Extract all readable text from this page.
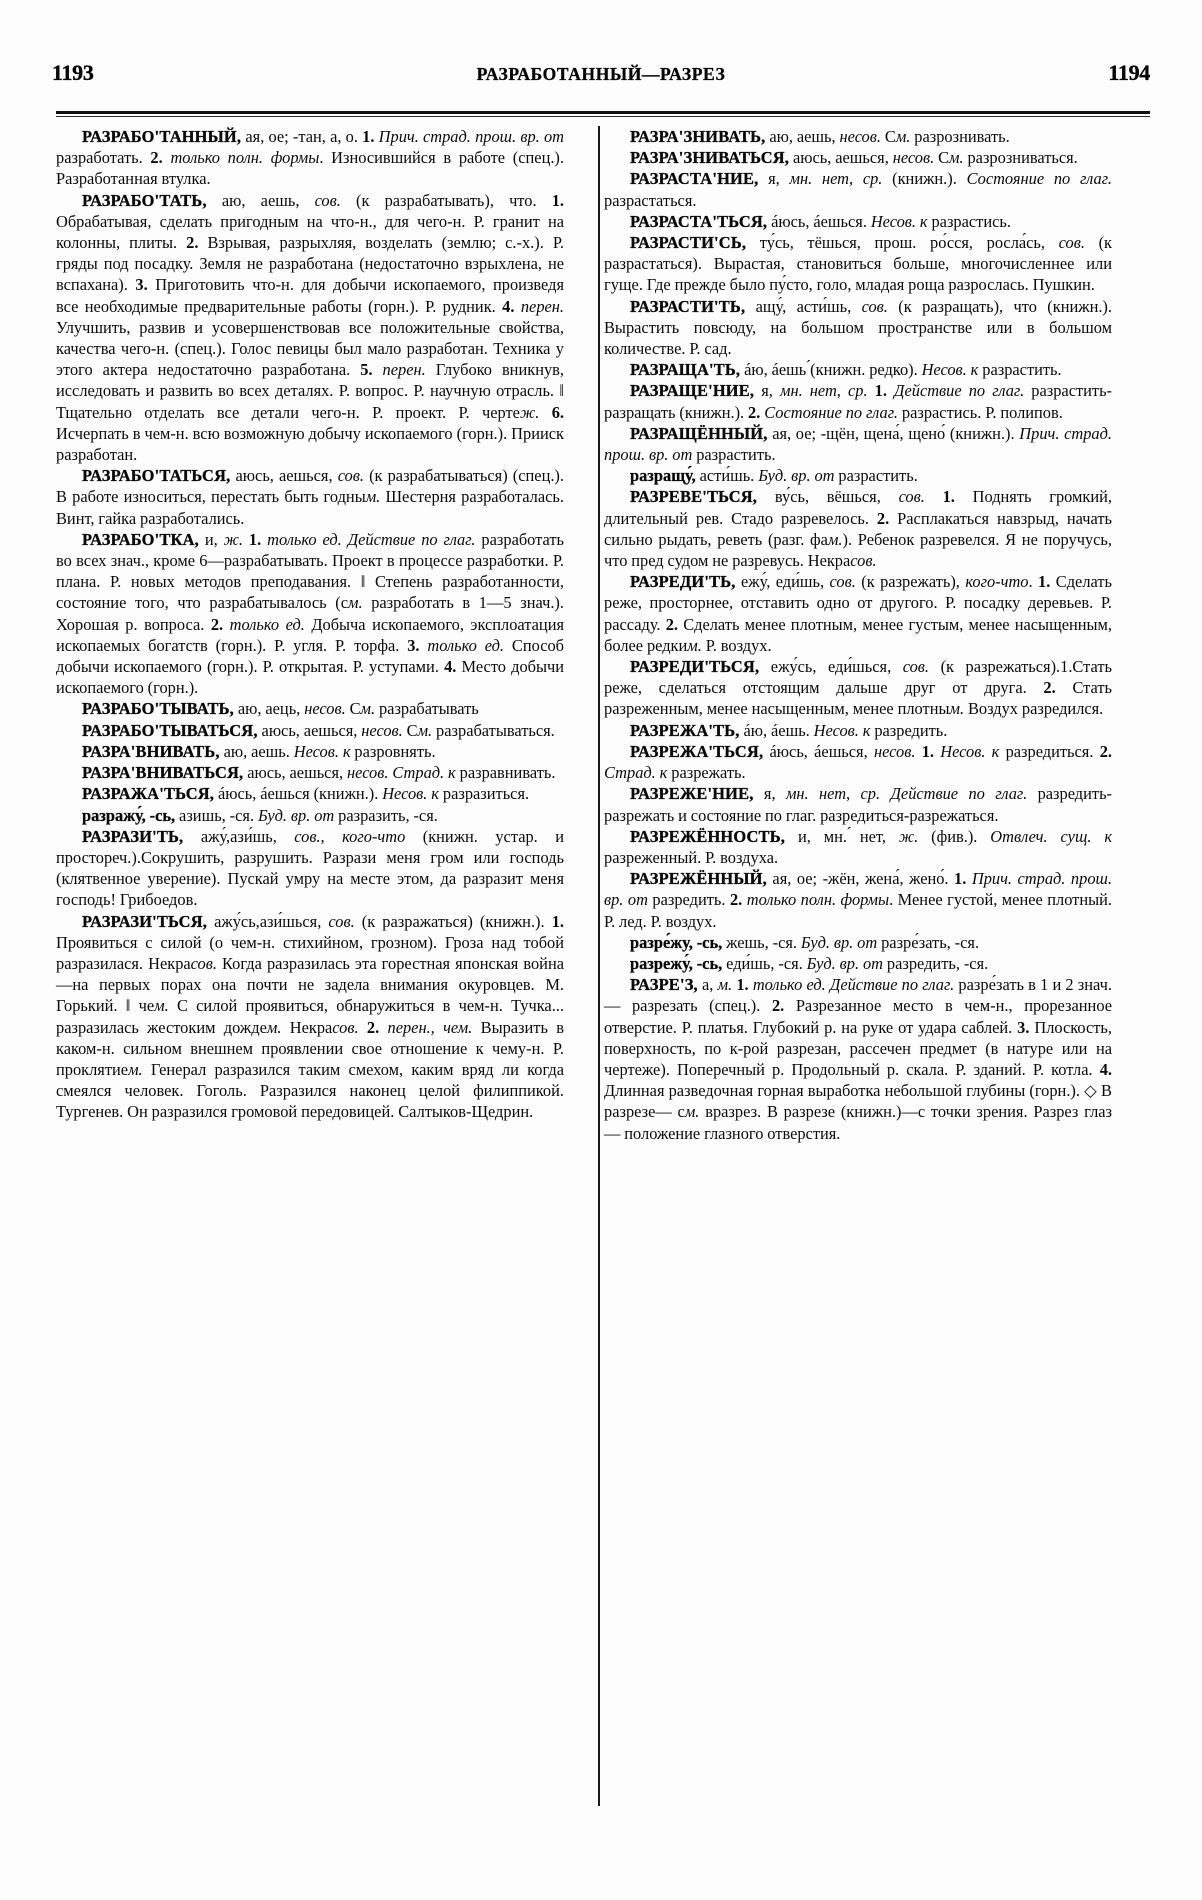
1193	РАЗРАБОТАННЫЙ—РАЗРЕЗ	1194

РАЗРАБО'ТАННЫЙ, ая, ое; -тан, а, о. 1. Прич. страд. прош. вр. от разработать. 2. только полн. формы. Износившийся в работе (спец.). Разработанная втулка.

РАЗРАБО'ТАТЬ, аю, аешь, сов. (к разрабатывать), что. 1. Обрабатывая, сделать пригодным на что-н., для чего-н. Р. гранит на колонны, плиты. 2. Взрывая, разрыхляя, возделать (землю; с.-х.). Р. гряды под посадку. Земля не разработана (недостаточно взрыхлена, не вспахана). 3. Приготовить что-н. для добычи ископаемого, произведя все необходимые предварительные работы (горн.). Р. рудник. 4. перен. Улучшить, развив и усовершенствовав все положительные свойства, качества чего-н. (спец.). Голос певицы был мало разработан. Техника у этого актера недостаточно разработана. 5. перен. Глубоко вникнув, исследовать и развить во всех деталях. Р. вопрос. Р. научную отрасль. ‖ Тщательно отделать все детали чего-н. Р. проект. Р. чертеж. 6. Исчерпать в чем-н. всю возможную добычу ископаемого (горн.). Прииск разработан.

РАЗРАБО'ТАТЬСЯ, аюсь, аешься, сов. (к разрабатываться) (спец.). В работе износиться, перестать быть годным. Шестерня разработалась. Винт, гайка разработались.

РАЗРАБО'ТКА, и, ж. 1. только ед. Действие по глаг. разработать во всех знач., кроме 6—разрабатывать. Проект в процессе разработки. Р. плана. Р. новых методов преподавания. ‖ Степень разработанности, состояние того, что разрабатывалось (см. разработать в 1—5 знач.). Хорошая р. вопроса. 2. только ед. Добыча ископаемого, эксплоатация ископаемых богатств (горн.). Р. угля. Р. торфа. 3. только ед. Способ добычи ископаемого (горн.). Р. открытая. Р. уступами. 4. Место добычи ископаемого (горн.).

РАЗРАБО'ТЫВАТЬ, аю, аець, несов. См. разрабатывать

РАЗРАБО'ТЫВАТЬСЯ, аюсь, аешься, несов. См. разрабатываться.

РАЗРА'ВНИВАТЬ, аю, аешь. Несов. к разровнять.

РАЗРА'ВНИВАТЬСЯ, аюсь, аешься, несов. Страд. к разравнивать.

РАЗРАЖА'ТЬСЯ, áюсь, áешься (книжн.). Несов. к разразиться.

разражу́, -сь, азишь, -ся. Буд. вр. от разразить, -ся.

РАЗРАЗИ'ТЬ, ажу́,ази́шь, сов., кого-что (книжн. устар. и простореч.).Сокрушить, разрушить. Разрази меня гром или господь (клятвенное уверение). Пускай умру на месте этом, да разразит меня господь! Грибоедов.

РАЗРАЗИ'ТЬСЯ, ажу́сь,ази́шься, сов. (к разражаться) (книжн.). 1. Проявиться с силой (о чем-н. стихийном, грозном). Гроза над тобой разразилася. Некрасов. Когда разразилась эта горестная японская война—на первых порах она почти не задела внимания окуровцев. М. Горький. ‖ чем. С силой проявиться, обнаружиться в чем-н. Тучка... разразилась жестоким дождем. Некрасов. 2. перен., чем. Выразить в каком-н. сильном внешнем проявлении свое отношение к чему-н. Р. проклятием. Генерал разразился таким смехом, каким вряд ли когда смеялся человек. Гоголь. Разразился наконец целой филиппикой. Тургенев. Он разразился громовой передовицей. Салтыков-Щедрин.

РАЗРА'ЗНИВАТЬ, аю, аешь, несов. См. разрознивать.

РАЗРА'ЗНИВАТЬСЯ, аюсь, аешься, несов. См. разрозниваться.

РАЗРАСТА'НИЕ, я, мн. нет, ср. (книжн.). Состояние по глаг. разрастаться.

РАЗРАСТА'ТЬСЯ, áюсь, áешься. Несов. к разрастись.

РАЗРАСТИ'СЬ, ту́сь, тёшься, прош. ро́сся, росла́сь, сов. (к разрастаться). Вырастая, становиться больше, многочисленнее или гуще. Где прежде было пу́сто, голо, младая роща разрослась. Пушкин.

РАЗРАСТИ'ТЬ, ащу́, асти́шь, сов. (к разращать), что (книжн.). Вырастить повсюду, на большом пространстве или в большом количестве. Р. сад.

РАЗРАЩА'ТЬ, áю, áешь ́(книжн. редко). Несов. к разрастить.

РАЗРАЩЕ'НИЕ, я, мн. нет, ср. 1. Действие по глаг. разрастить-разращать (книжн.). 2. Состояние по глаг. разрастись. Р. полипов.

РАЗРАЩЁННЫЙ, ая, ое; -щён, щена́, щено́ (книжн.). Прич. страд. прош. вр. от разрастить.

разращу́, асти́шь. Буд. вр. от разрастить.

РАЗРЕВЕ'ТЬСЯ, ву́сь, вёшься, сов. 1. Поднять громкий, длительный рев. Стадо разревелось. 2. Расплакаться навзрыд, начать сильно рыдать, реветь (разг. фам.). Ребенок разревелся. Я не поручусь, что пред судом не разревусь. Некрасов.

РАЗРЕДИ'ТЬ, ежу́, еди́шь, сов. (к разрежать), кого-что. 1. Сделать реже, просторнее, отставить одно от другого. Р. посадку деревьев. Р. рассаду. 2. Сделать менее плотным, менее густым, менее насыщенным, более редким. Р. воздух.

РАЗРЕДИ'ТЬСЯ, ежу́сь, еди́шься, сов. (к разрежаться).1.Стать реже, сделаться отстоящим дальше друг от друга. 2. Стать разреженным, менее насыщенным, менее плотным. Воздух разредился.

РАЗРЕЖА'ТЬ, áю, áешь. Несов. к разредить.

РАЗРЕЖА'ТЬСЯ, áюсь, áешься, несов. 1. Несов. к разредиться. 2. Страд. к разрежать.

РАЗРЕЖЕ'НИЕ, я, мн. нет, ср. Действие по глаг. разредить-разрежать и состояние по глаг. разредиться-разрежаться.

РАЗРЕЖЁННОСТЬ, и, мн. ́нет, ж. (фив.). Отвлеч. сущ. к разреженный. Р. воздуха.

РАЗРЕЖЁННЫЙ, ая, ое; -жён, жена́, жено́. 1. Прич. страд. прош. вр. от разредить. 2. только полн. формы. Менее густой, менее плотный. Р. лед. Р. воздух.

разре́жу, -сь, жешь, -ся. Буд. вр. от разре́зать, -ся.

разрежу́, -сь, еди́шь, -ся. Буд. вр. от разредить, -ся.

РАЗРЕ'З, а, м. 1. только ед. Действие по глаг. разре́зать в 1 и 2 знач. — разрезать (спец.). 2. Разрезанное место в чем-н., прорезанное отверстие. Р. платья. Глубокий р. на руке от удара саблей. 3. Плоскость, поверхность, по к-рой разрезан, рассечен предмет (в натуре или на чертеже). Поперечный р. Продольный р. скала. Р. зданий. Р. котла. 4. Длинная разведочная горная выработка небольшой глубины (горн.). ◇ В разрезе— см. вразрез. В разрезе (книжн.)—с точки зрения. Разрез глаз — положение глазного отверстия.
